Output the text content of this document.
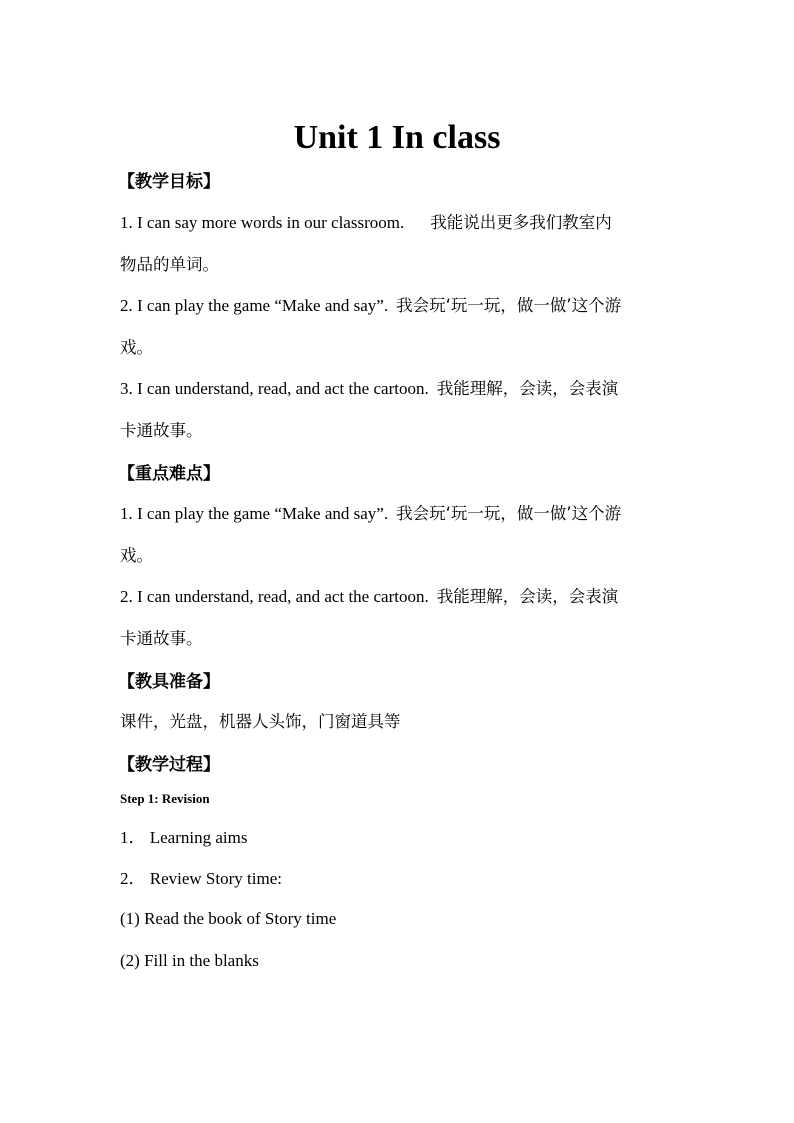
Unit 1 In class
【教学目标】
1. I can say more words in our classroom. 我能说出更多我们教室内
物品的单词。
2. I can play the game “Make and say”. 我会玩‘玩一玩，做一做’这个游
戏。
3. I can understand, read, and act the cartoon. 我能理解，会读，会表演
卡通故事。
【重点难点】
1. I can play the game “Make and say”. 我会玩‘玩一玩，做一做’这个游
戏。
2. I can understand, read, and act the cartoon. 我能理解，会读，会表演
卡通故事。
【教具准备】
课件，光盘，机器人头饰，门窗道具等
【教学过程】
Step 1: Revision
1． Learning aims
2． Review Story time:
(1) Read the book of Story time
(2) Fill in the blanks
